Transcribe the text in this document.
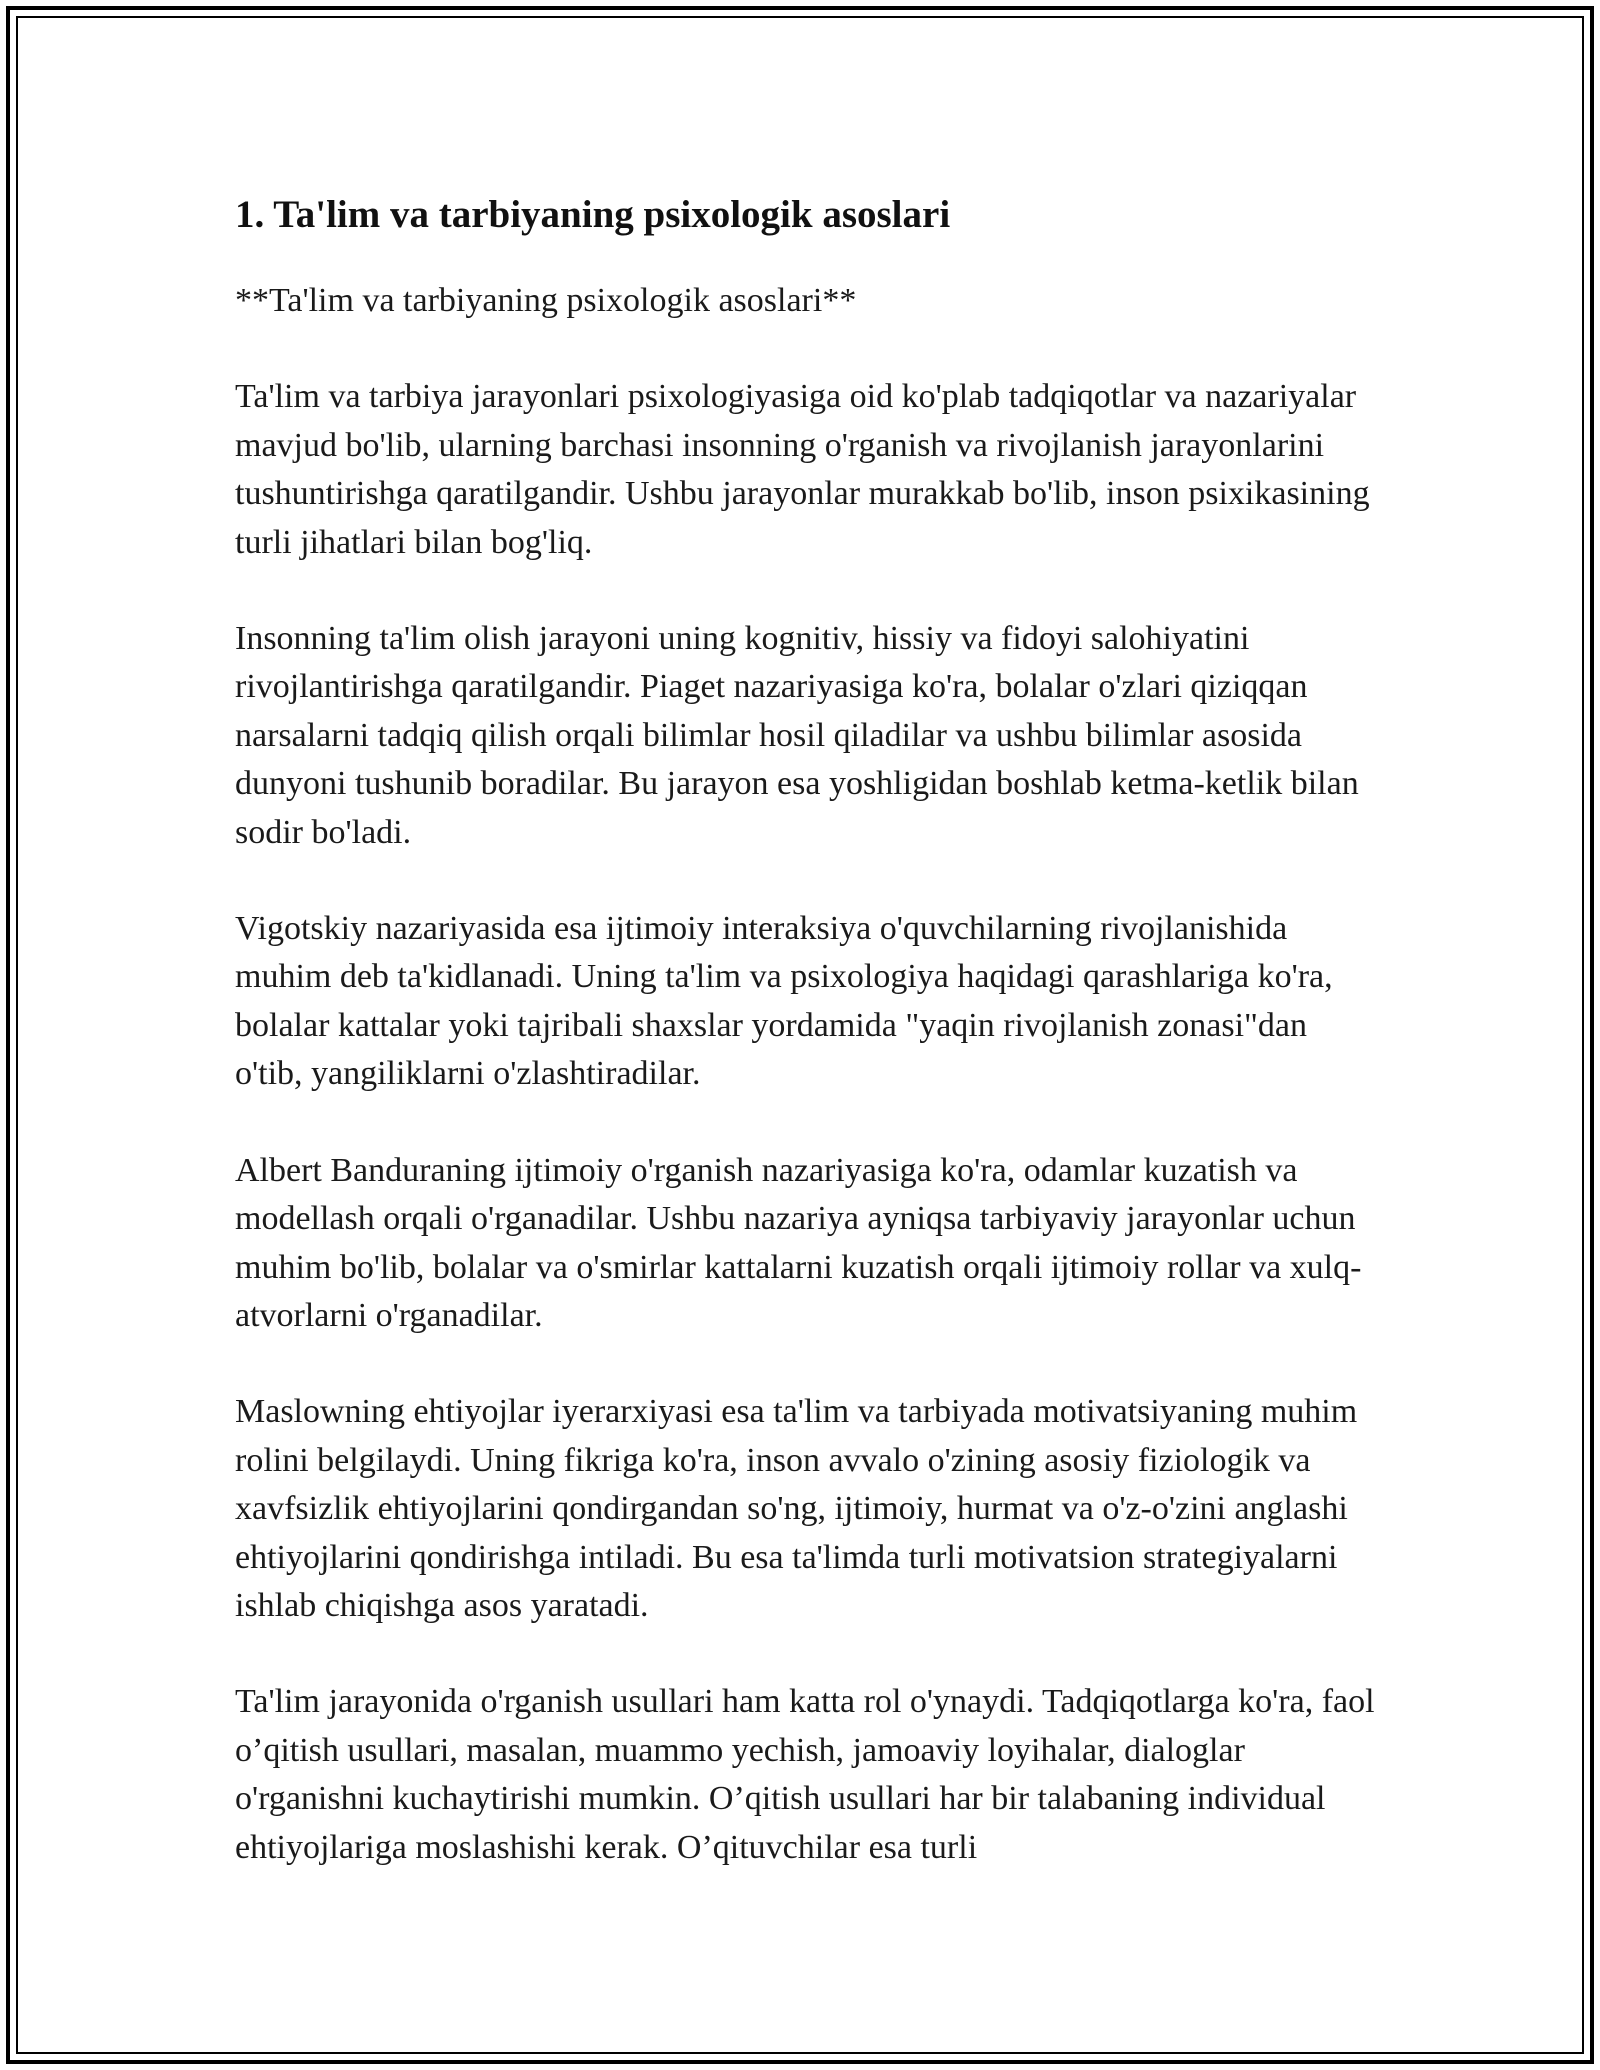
1. Ta'lim va tarbiyaning psixologik asoslari

**Ta'lim va tarbiyaning psixologik asoslari**

Ta'lim va tarbiya jarayonlari psixologiyasiga oid ko'plab tadqiqotlar va nazariyalar mavjud bo'lib, ularning barchasi insonning o'rganish va rivojlanish jarayonlarini tushuntirishga qaratilgandir. Ushbu jarayonlar murakkab bo'lib, inson psixikasining turli jihatlari bilan bog'liq.

Insonning ta'lim olish jarayoni uning kognitiv, hissiy va fidoyi salohiyatini rivojlantirishga qaratilgandir. Piaget nazariyasiga ko'ra, bolalar o'zlari qiziqqan narsalarni tadqiq qilish orqali bilimlar hosil qiladilar va ushbu bilimlar asosida dunyoni tushunib boradilar. Bu jarayon esa yoshligidan boshlab ketma-ketlik bilan sodir bo'ladi.

Vigotskiy nazariyasida esa ijtimoiy interaksiya o'quvchilarning rivojlanishida muhim deb ta'kidlanadi. Uning ta'lim va psixologiya haqidagi qarashlariga ko'ra, bolalar kattalar yoki tajribali shaxslar yordamida "yaqin rivojlanish zonasi"dan o'tib, yangiliklarni o'zlashtiradilar.

Albert Banduraning ijtimoiy o'rganish nazariyasiga ko'ra, odamlar kuzatish va modellash orqali o'rganadilar. Ushbu nazariya ayniqsa tarbiyaviy jarayonlar uchun muhim bo'lib, bolalar va o'smirlar kattalarni kuzatish orqali ijtimoiy rollar va xulq-atvorlarni o'rganadilar.

Maslowning ehtiyojlar iyerarxiyasi esa ta'lim va tarbiyada motivatsiyaning muhim rolini belgilaydi. Uning fikriga ko'ra, inson avvalo o'zining asosiy fiziologik va xavfsizlik ehtiyojlarini qondirgandan so'ng, ijtimoiy, hurmat va o'z-o'zini anglashi ehtiyojlarini qondirishga intiladi. Bu esa ta'limda turli motivatsion strategiyalarni ishlab chiqishga asos yaratadi.

Ta'lim jarayonida o'rganish usullari ham katta rol o'ynaydi. Tadqiqotlarga ko'ra, faol o’qitish usullari, masalan, muammo yechish, jamoaviy loyihalar, dialoglar o'rganishni kuchaytirishi mumkin. O’qitish usullari har bir talabaning individual ehtiyojlariga moslashishi kerak. O’qituvchilar esa turli
